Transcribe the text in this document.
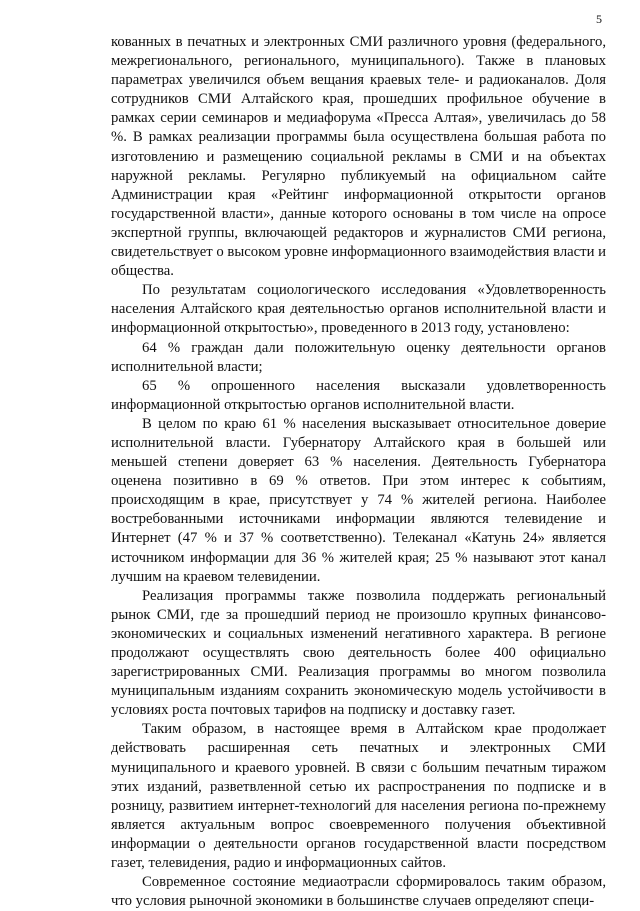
5

кованных в печатных и электронных СМИ различного уровня (федерального, межрегионального, регионального, муниципального). Также в плановых параметрах увеличился объем вещания краевых теле- и радиоканалов. Доля сотрудников СМИ Алтайского края, прошедших профильное обучение в рамках серии семинаров и медиафорума «Пресса Алтая», увеличилась до 58 %. В рамках реализации программы была осуществлена большая работа по изготовлению и размещению социальной рекламы в СМИ и на объектах наружной рекламы. Регулярно публикуемый на официальном сайте Администрации края «Рейтинг информационной открытости органов государственной власти», данные которого основаны в том числе на опросе экспертной группы, включающей редакторов и журналистов СМИ региона, свидетельствует о высоком уровне информационного взаимодействия власти и общества.

По результатам социологического исследования «Удовлетворенность населения Алтайского края деятельностью органов исполнительной власти и информационной открытостью», проведенного в 2013 году, установлено:

64 % граждан дали положительную оценку деятельности органов исполнительной власти;

65 % опрошенного населения высказали удовлетворенность информационной открытостью органов исполнительной власти.

В целом по краю 61 % населения высказывает относительное доверие исполнительной власти. Губернатору Алтайского края в большей или меньшей степени доверяет 63 % населения. Деятельность Губернатора оценена позитивно в 69 % ответов. При этом интерес к событиям, происходящим в крае, присутствует у 74 % жителей региона. Наиболее востребованными источниками информации являются телевидение и Интернет (47 % и 37 % соответственно). Телеканал «Катунь 24» является источником информации для 36 % жителей края; 25 % называют этот канал лучшим на краевом телевидении.

Реализация программы также позволила поддержать региональный рынок СМИ, где за прошедший период не произошло крупных финансово-экономических и социальных изменений негативного характера. В регионе продолжают осуществлять свою деятельность более 400 официально зарегистрированных СМИ. Реализация программы во многом позволила муниципальным изданиям сохранить экономическую модель устойчивости в условиях роста почтовых тарифов на подписку и доставку газет.

Таким образом, в настоящее время в Алтайском крае продолжает действовать расширенная сеть печатных и электронных СМИ муниципального и краевого уровней. В связи с большим печатным тиражом этих изданий, разветвленной сетью их распространения по подписке и в розницу, развитием интернет-технологий для населения региона по-прежнему является актуальным вопрос своевременного получения объективной информации о деятельности органов государственной власти посредством газет, телевидения, радио и информационных сайтов.

Современное состояние медиаотрасли сформировалось таким образом, что условия рыночной экономики в большинстве случаев определяют специ-
